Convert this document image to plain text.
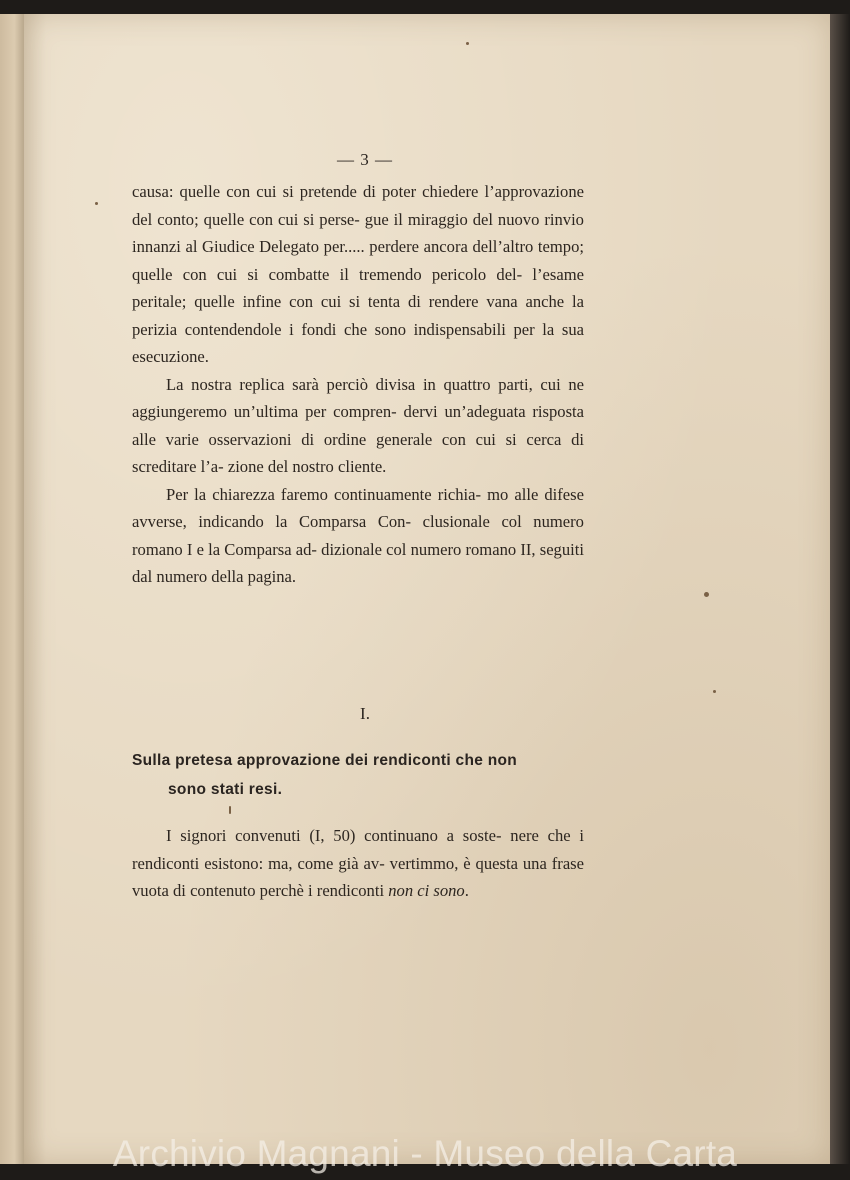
— 3 —

causa: quelle con cui si pretende di poter chiedere l’approvazione del conto; quelle con cui si perse- gue il miraggio del nuovo rinvio innanzi al Giudice Delegato per..... perdere ancora dell’altro tempo; quelle con cui si combatte il tremendo pericolo del- l’esame peritale; quelle infine con cui si tenta di rendere vana anche la perizia contendendole i fondi che sono indispensabili per la sua esecuzione.

La nostra replica sarà perciò divisa in quattro parti, cui ne aggiungeremo un’ultima per compren- dervi un’adeguata risposta alle varie osservazioni di ordine generale con cui si cerca di screditare l’a- zione del nostro cliente.

Per la chiarezza faremo continuamente richia- mo alle difese avverse, indicando la Comparsa Con- clusionale col numero romano I e la Comparsa ad- dizionale col numero romano II, seguiti dal numero della pagina.

I.
Sulla pretesa approvazione dei rendiconti che non
sono stati resi.

I signori convenuti (I, 50) continuano a soste- nere che i rendiconti esistono: ma, come già av- vertimmo, è questa una frase vuota di contenuto perchè i rendiconti non ci sono.

Archivio Magnani - Museo della Carta
